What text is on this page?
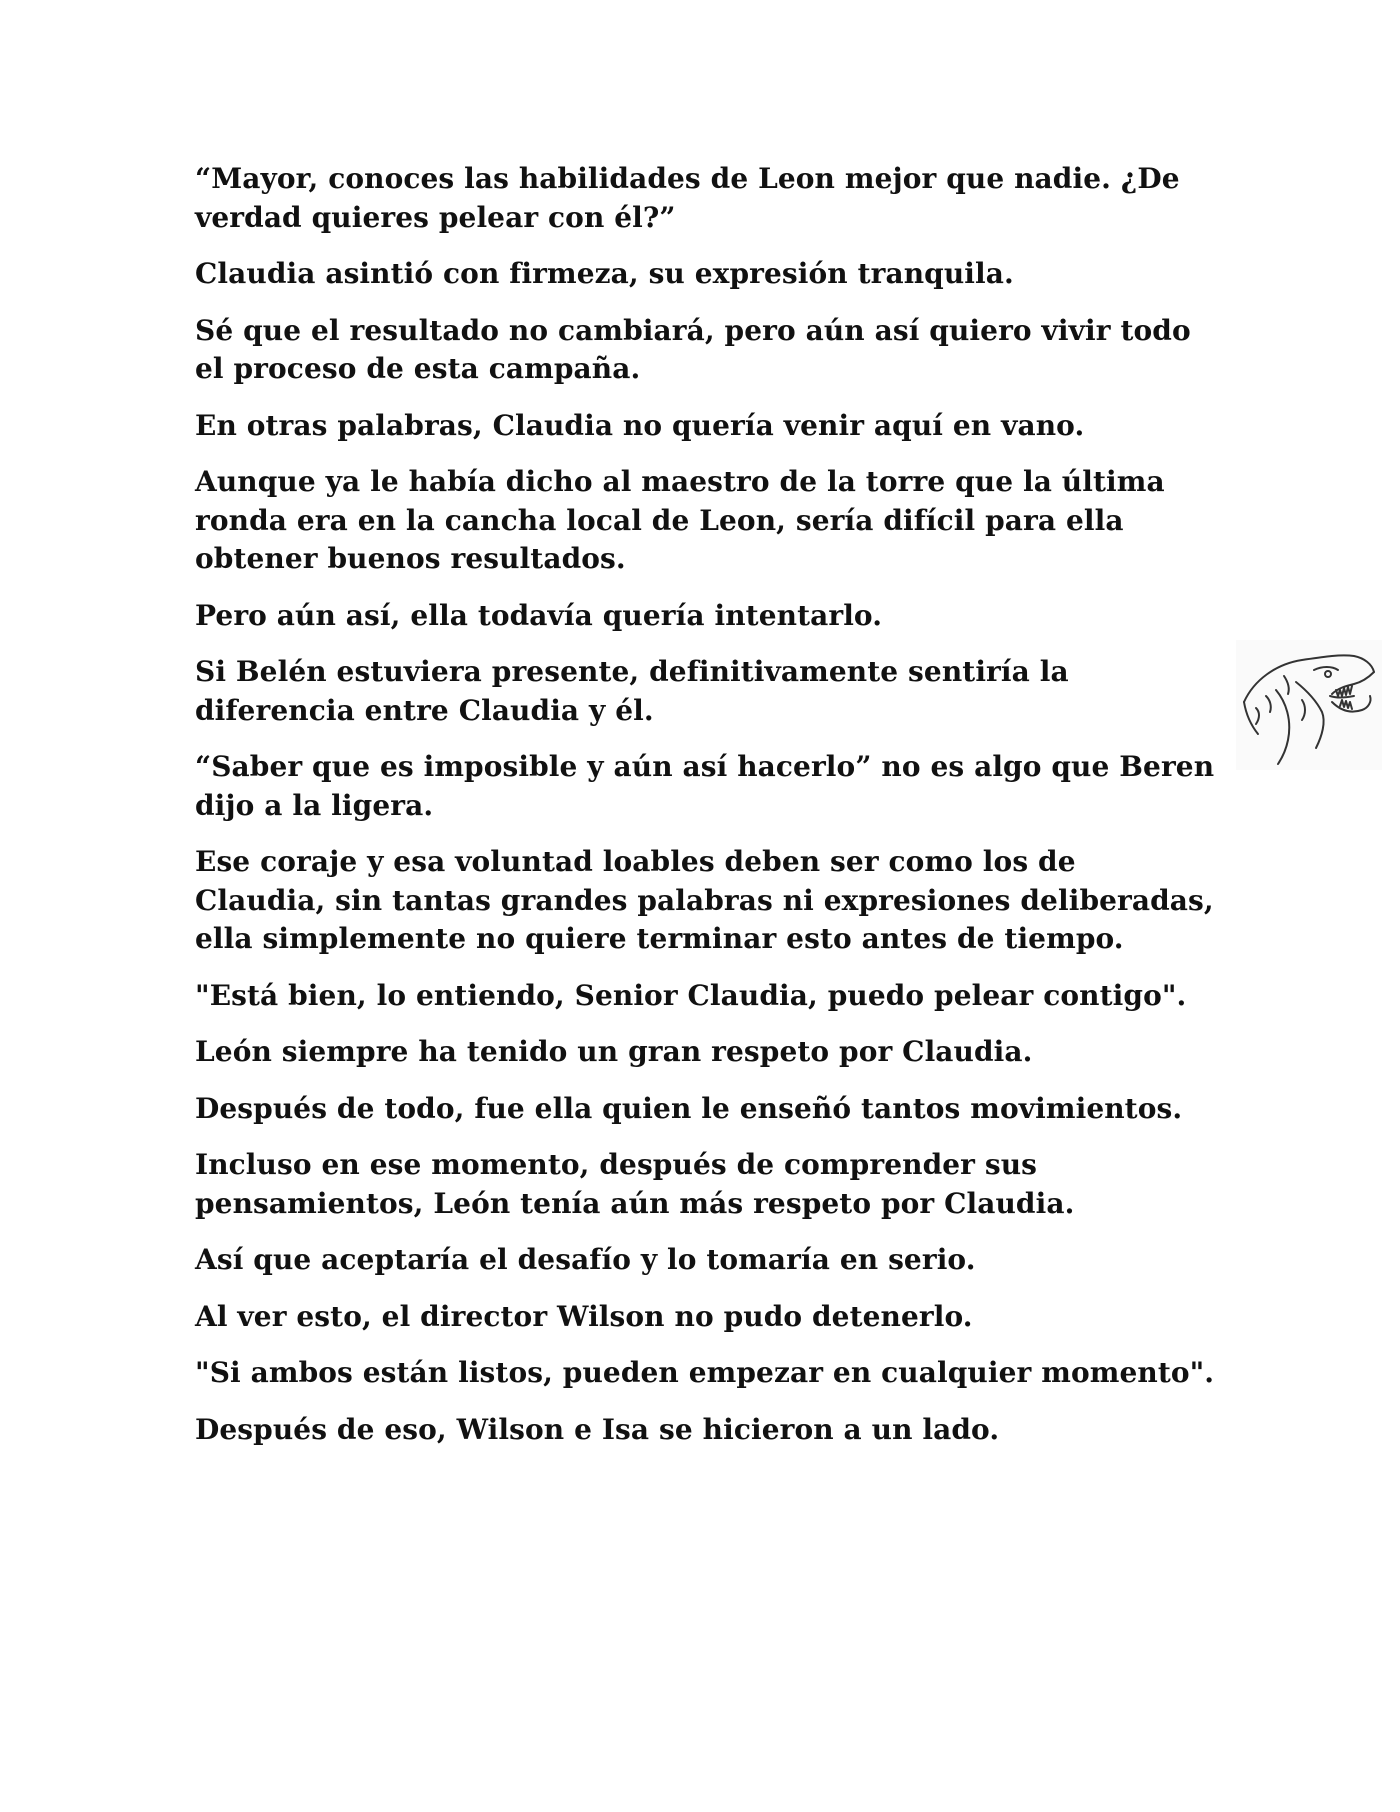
“Mayor, conoces las habilidades de Leon mejor que nadie. ¿De verdad quieres pelear con él?”

Claudia asintió con firmeza, su expresión tranquila.

Sé que el resultado no cambiará, pero aún así quiero vivir todo el proceso de esta campaña.

En otras palabras, Claudia no quería venir aquí en vano.

Aunque ya le había dicho al maestro de la torre que la última ronda era en la cancha local de Leon, sería difícil para ella obtener buenos resultados.

Pero aún así, ella todavía quería intentarlo.

Si Belén estuviera presente, definitivamente sentiría la diferencia entre Claudia y él.

“Saber que es imposible y aún así hacerlo” no es algo que Beren dijo a la ligera.

Ese coraje y esa voluntad loables deben ser como los de Claudia, sin tantas grandes palabras ni expresiones deliberadas, ella simplemente no quiere terminar esto antes de tiempo.

"Está bien, lo entiendo, Senior Claudia, puedo pelear contigo".

León siempre ha tenido un gran respeto por Claudia.

Después de todo, fue ella quien le enseñó tantos movimientos.

Incluso en ese momento, después de comprender sus pensamientos, León tenía aún más respeto por Claudia.

Así que aceptaría el desafío y lo tomaría en serio.

Al ver esto, el director Wilson no pudo detenerlo.

"Si ambos están listos, pueden empezar en cualquier momento".

Después de eso, Wilson e Isa se hicieron a un lado.
